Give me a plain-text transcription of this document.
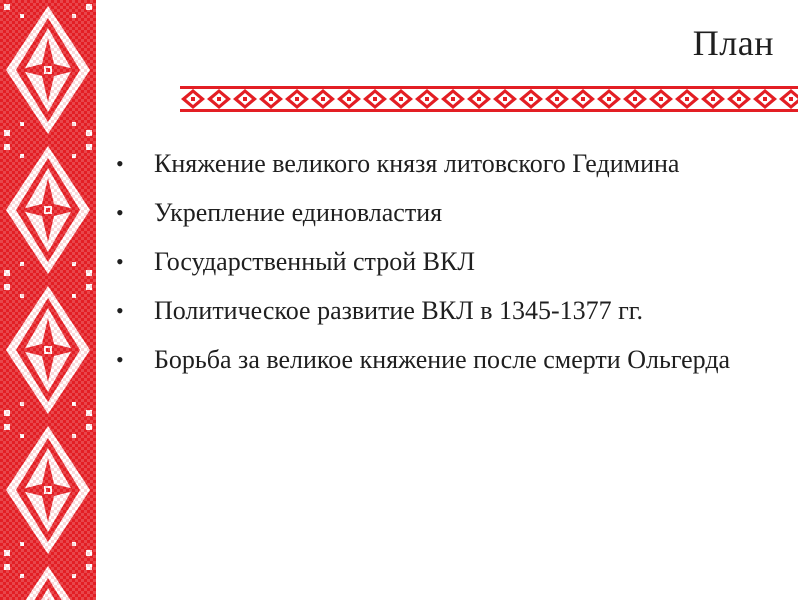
План
• Княжение великого князя литовского Гедимина
• Укрепление единовластия
• Государственный строй ВКЛ
• Политическое развитие ВКЛ в 1345-1377 гг.
• Борьба за великое княжение после смерти Ольгерда
